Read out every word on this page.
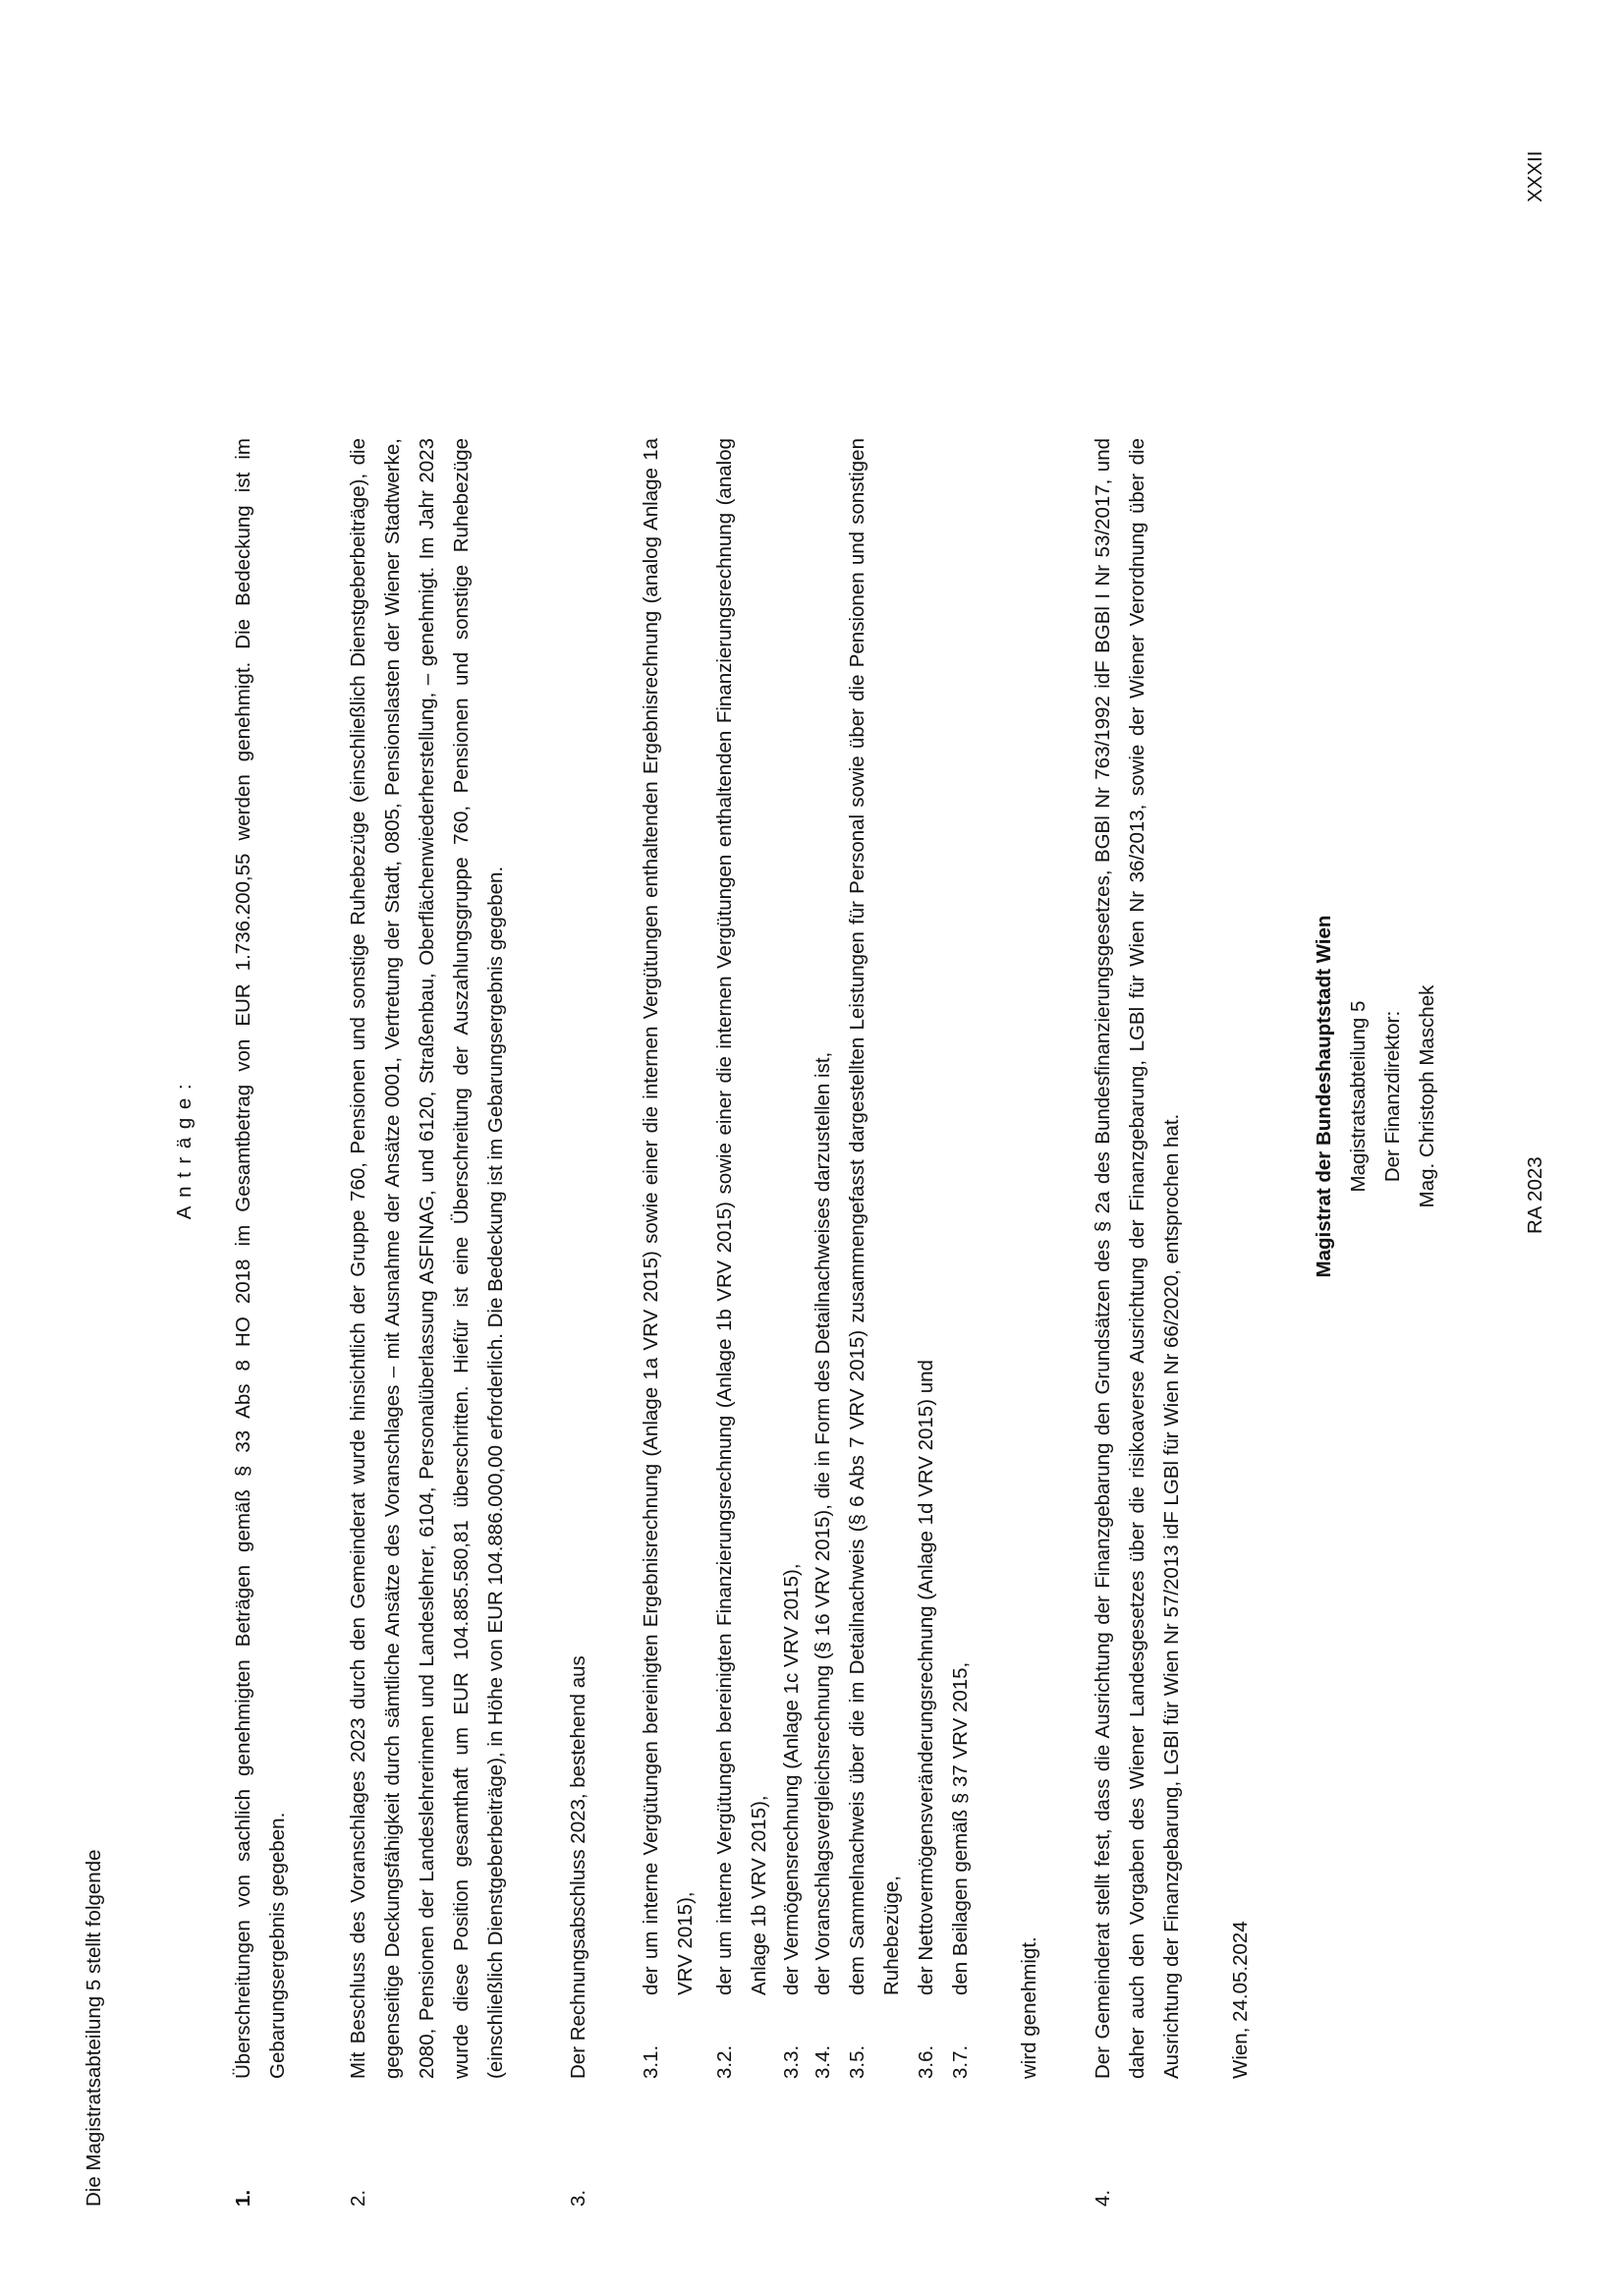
Die Magistratsabteilung 5 stellt folgende
Anträge:
1.
Überschreitungen von sachlich genehmigten Beträgen gemäß § 33 Abs 8 HO 2018 im Gesamtbetrag von EUR 1.736.200,55 werden genehmigt. Die Bedeckung ist im Gebarungsergebnis gegeben.
2.
Mit Beschluss des Voranschlages 2023 durch den Gemeinderat wurde hinsichtlich der Gruppe 760, Pensionen und sonstige Ruhebezüge (einschließlich Dienstgeberbeiträge), die gegenseitige Deckungsfähigkeit durch sämtliche Ansätze des Voranschlages – mit Ausnahme der Ansätze 0001, Vertretung der Stadt, 0805, Pensionslasten der Wiener Stadtwerke, 2080, Pensionen der Landeslehrerinnen und Landeslehrer, 6104, Personalüberlassung ASFINAG, und 6120, Straßenbau, Oberflächenwiederherstellung, – genehmigt. Im Jahr 2023 wurde diese Position gesamthaft um EUR 104.885.580,81 überschritten. Hiefür ist eine Überschreitung der Auszahlungsgruppe 760, Pensionen und sonstige Ruhebezüge (einschließlich Dienstgeberbeiträge), in Höhe von EUR 104.886.000,00 erforderlich. Die Bedeckung ist im Gebarungsergebnis gegeben.
3.
Der Rechnungsabschluss 2023, bestehend aus 3.1.
der um interne Vergütungen bereinigten Ergebnisrechnung (Anlage 1a VRV 2015) sowie einer die internen Vergütungen enthaltenden Ergebnisrechnung (analog Anlage 1a VRV 2015),
3.2.
der um interne Vergütungen bereinigten Finanzierungsrechnung (Anlage 1b VRV 2015) sowie einer die internen Vergütungen enthaltenden Finanzierungsrechnung (analog Anlage 1b VRV 2015),
3.3.
der Vermögensrechnung (Anlage 1c VRV 2015),
3.4.
der Voranschlagsvergleichsrechnung (§ 16 VRV 2015), die in Form des Detailnachweises darzustellen ist,
3.5.
dem Sammelnachweis über die im Detailnachweis (§ 6 Abs 7 VRV 2015) zusammengefasst dargestellten Leistungen für Personal sowie über die Pensionen und sonstigen Ruhebezüge,
3.6.
der Nettovermögensveränderungsrechnung (Anlage 1d VRV 2015) und
3.7.
den Beilagen gemäß § 37 VRV 2015,
wird genehmigt.
4.
Der Gemeinderat stellt fest, dass die Ausrichtung der Finanzgebarung den Grundsätzen des § 2a des Bundesfinanzierungsgesetzes, BGBl Nr 763/1992 idF BGBl I Nr 53/2017, und daher auch den Vorgaben des Wiener Landesgesetzes über die risikoaverse Ausrichtung der Finanzgebarung, LGBl für Wien Nr 36/2013, sowie der Wiener Verordnung über die Ausrichtung der Finanzgebarung, LGBl für Wien Nr 57/2013 idF LGBl für Wien Nr 66/2020, entsprochen hat. Wien, 24.05.2024
Magistrat der Bundeshauptstadt Wien Magistratsabteilung 5 Der Finanzdirektor: Mag. Christoph Maschek	RA 2023
XXXII
